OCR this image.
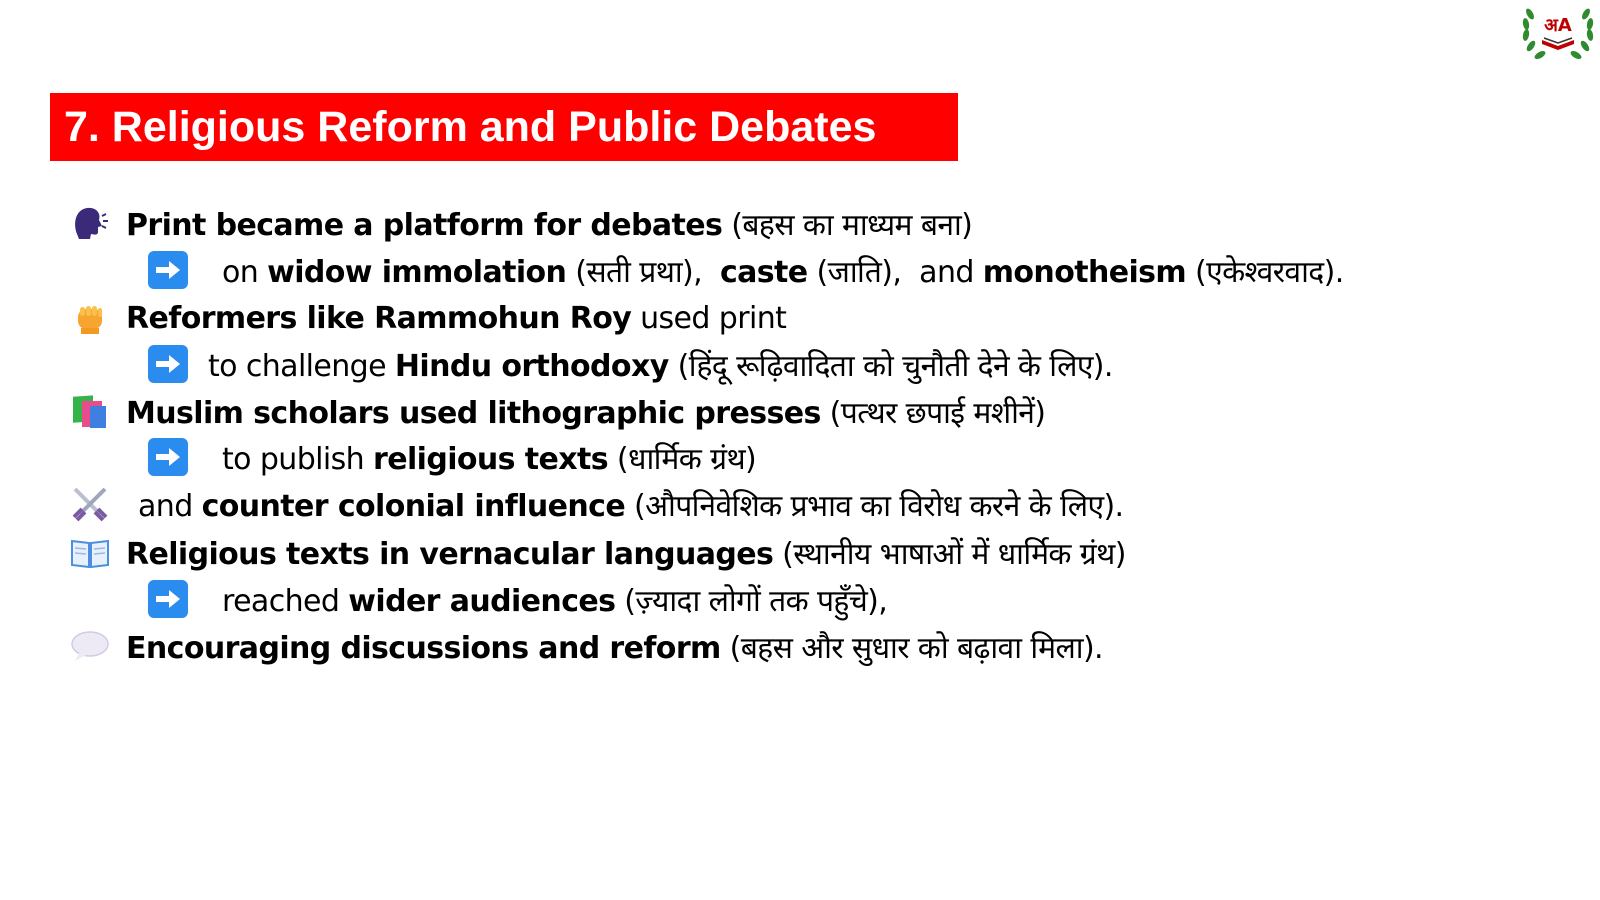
7. Religious Reform and Public Debates
अA
Print became a platform for debates (बहस का माध्यम बना)
on widow immolation (सती प्रथा),  caste (जाति),  and monotheism (एकेश्वरवाद).
Reformers like Rammohun Roy used print
to challenge Hindu orthodoxy (हिंदू रूढ़िवादिता को चुनौती देने के लिए).
Muslim scholars used lithographic presses (पत्थर छपाई मशीनें)
to publish religious texts (धार्मिक ग्रंथ)
and counter colonial influence (औपनिवेशिक प्रभाव का विरोध करने के लिए).
Religious texts in vernacular languages (स्थानीय भाषाओं में धार्मिक ग्रंथ)
reached wider audiences (ज़्यादा लोगों तक पहुँचे),
Encouraging discussions and reform (बहस और सुधार को बढ़ावा मिला).
